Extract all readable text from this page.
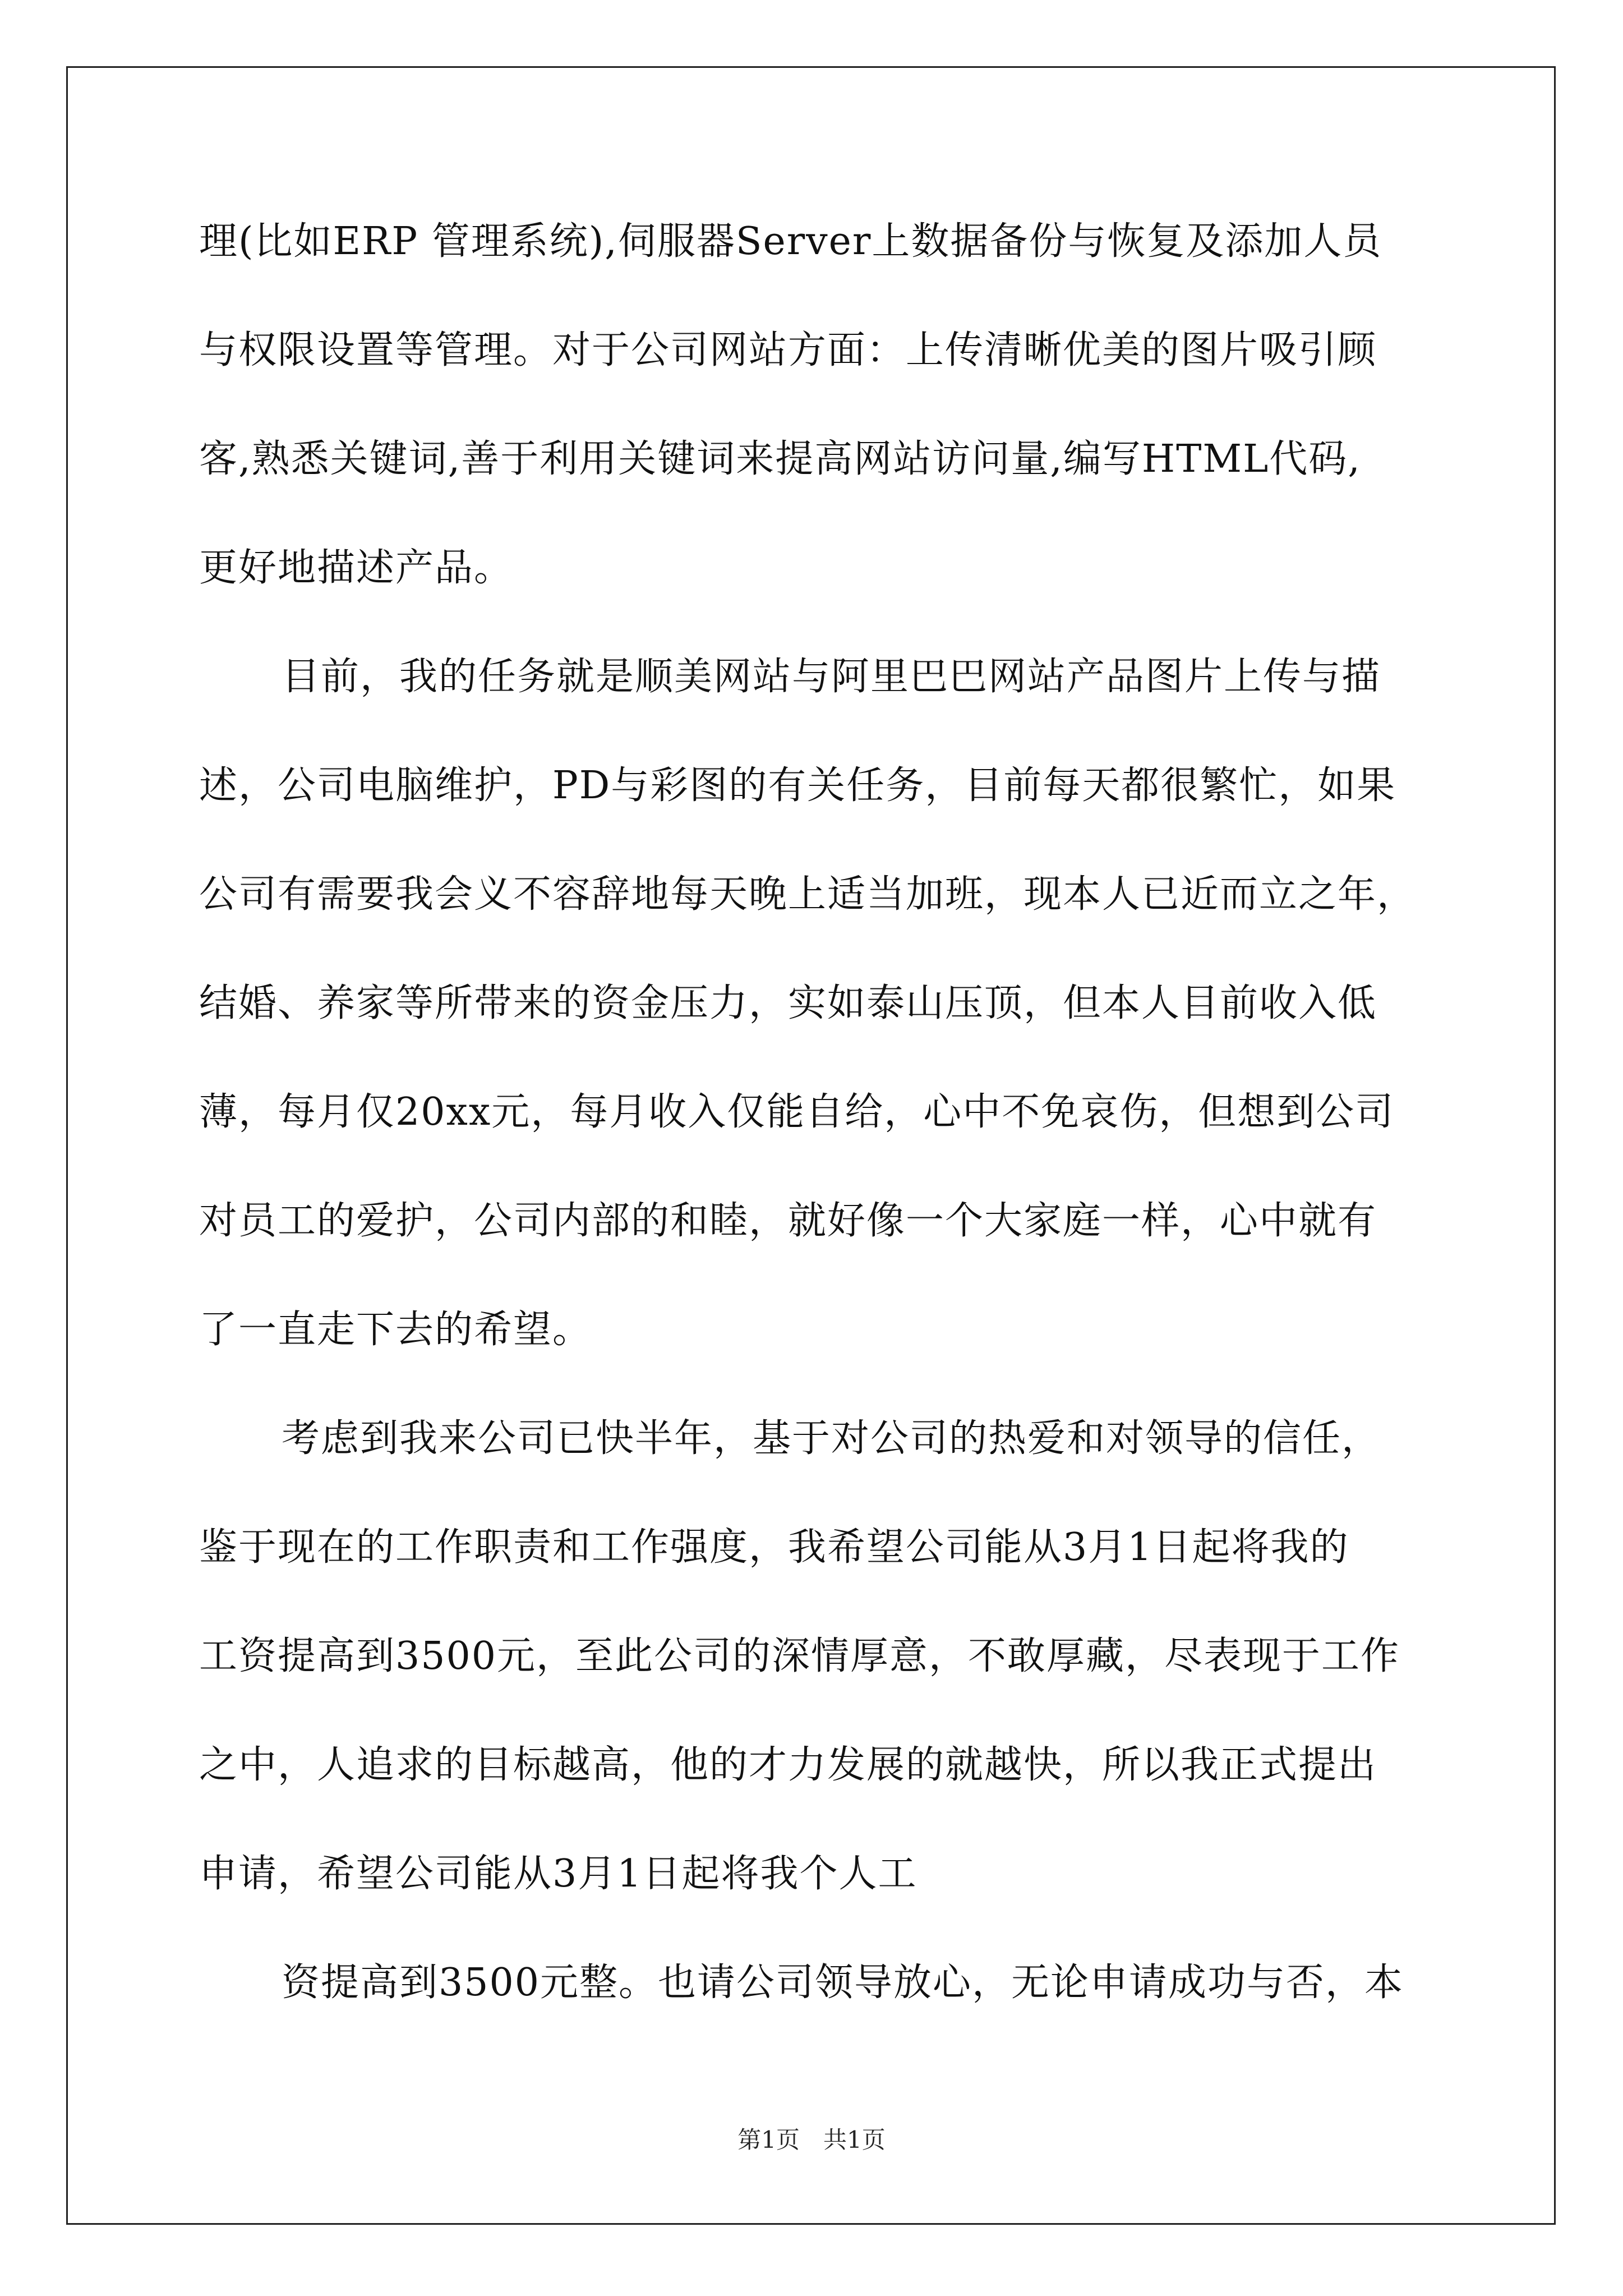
理(比如ERP 管理系统),伺服器Server上数据备份与恢复及添加人员
与权限设置等管理。对于公司网站方面：上传清晰优美的图片吸引顾
客,熟悉关键词,善于利用关键词来提高网站访问量,编写HTML代码,
更好地描述产品。
目前，我的任务就是顺美网站与阿里巴巴网站产品图片上传与描
述，公司电脑维护，PD与彩图的有关任务，目前每天都很繁忙，如果
公司有需要我会义不容辞地每天晚上适当加班，现本人已近而立之年，
结婚、养家等所带来的资金压力，实如泰山压顶，但本人目前收入低
薄，每月仅20xx元，每月收入仅能自给，心中不免哀伤，但想到公司
对员工的爱护，公司内部的和睦，就好像一个大家庭一样，心中就有
了一直走下去的希望。
考虑到我来公司已快半年，基于对公司的热爱和对领导的信任，
鉴于现在的工作职责和工作强度，我希望公司能从3月1日起将我的
工资提高到3500元，至此公司的深情厚意，不敢厚藏，尽表现于工作
之中，人追求的目标越高，他的才力发展的就越快，所以我正式提出
申请，希望公司能从3月1日起将我个人工
资提高到3500元整。也请公司领导放心，无论申请成功与否，本
第1页　共1页
